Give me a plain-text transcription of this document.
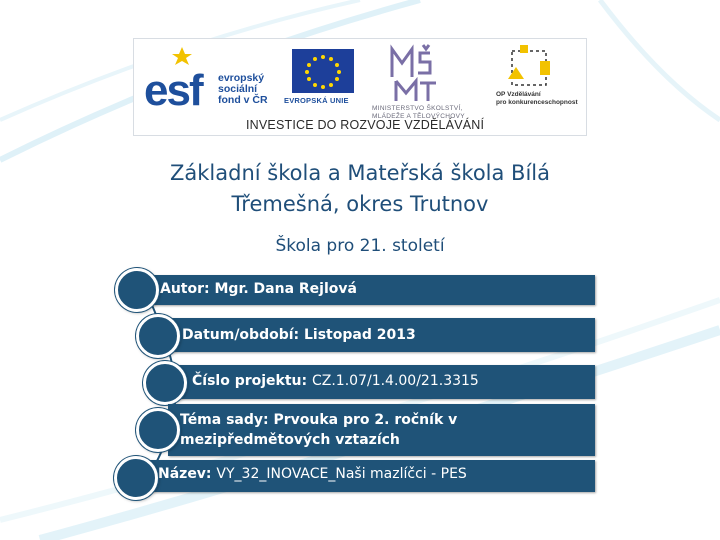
esf evropský
sociální
fond v ČR EVROPSKÁ UNIE
MINISTERSTVO ŠKOLSTVÍ,
MLÁDEŽE A TĚLOVÝCHOVY
OP Vzdělávání
pro konkurenceschopnost
INVESTICE DO ROZVOJE VZDĚLÁVÁNÍ
Základní škola a Mateřská škola Bílá
Třemešná, okres Trutnov
Škola pro 21. století
Autor: Mgr. Dana Rejlová
Datum/období: Listopad 2013
Číslo projektu: CZ.1.07/1.4.00/21.3315
Téma sady: Prvouka pro 2. ročník v mezipředmětových vztazích
Název: VY_32_INOVACE_Naši mazlíčci - PES
